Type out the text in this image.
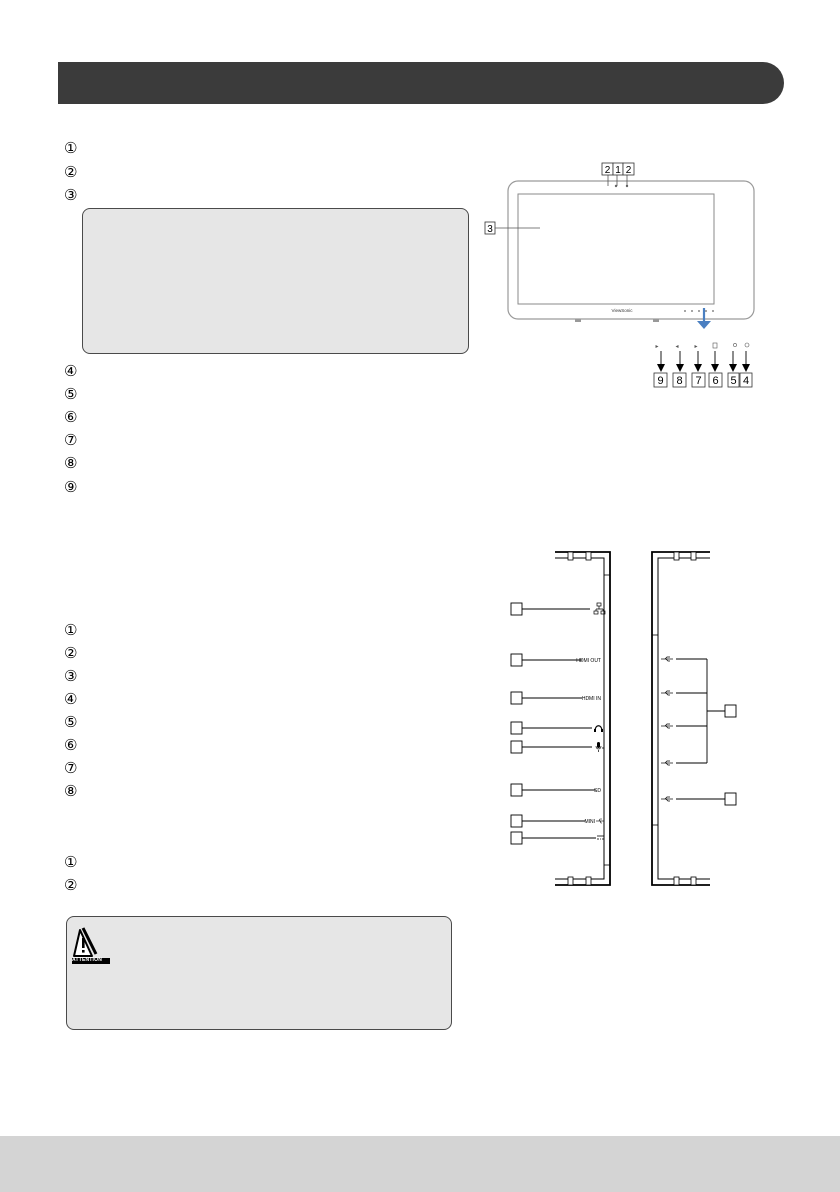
①
②
③
④
⑤
⑥
⑦
⑧
⑨
①
②
③
④
⑤
⑥
⑦
⑧
①
②
ATTENTION
2 1 2
3
ViewSonic
▸	◂	▸
9 8 7 6 5 4
HDMI OUT
HDMI IN
SD
MINI
